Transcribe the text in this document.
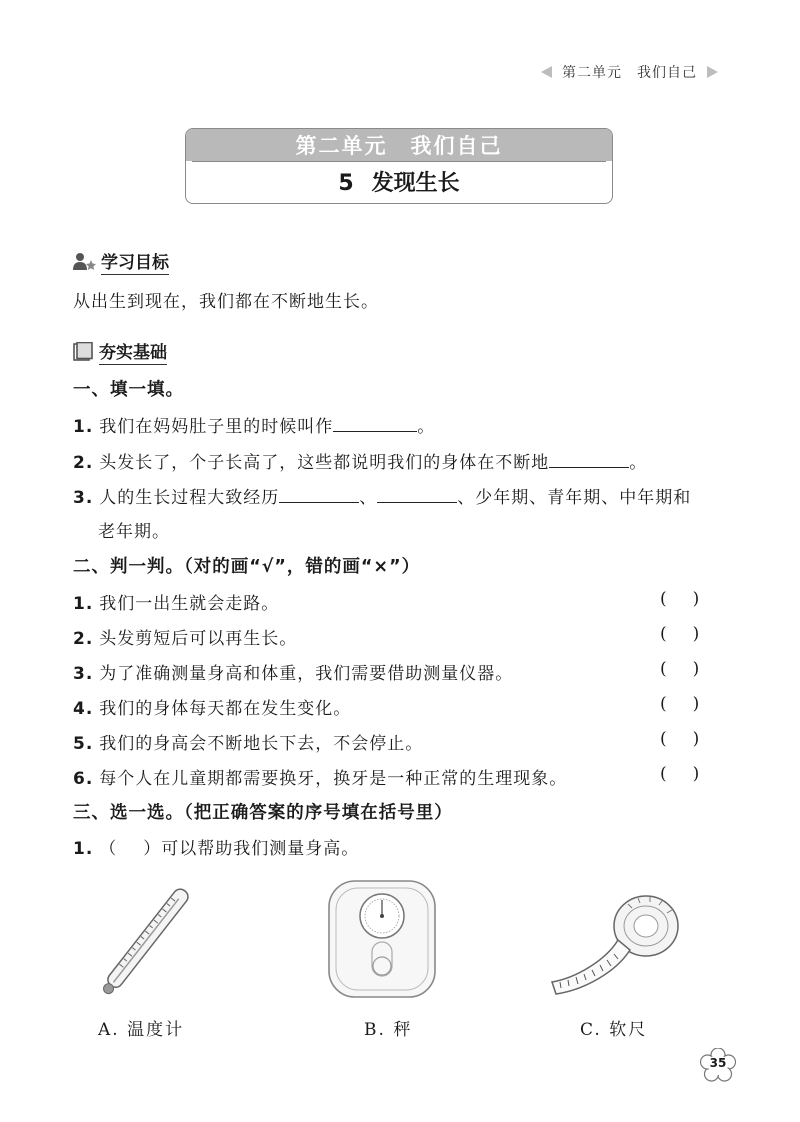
第二单元　我们自己
第二单元　我们自己
5 发现生长
学习目标
从出生到现在，我们都在不断地生长。
夯实基础
一、填一填。
1. 我们在妈妈肚子里的时候叫作	。
2. 头发长了，个子长高了，这些都说明我们的身体在不断地	。
3. 人的生长过程大致经历	、	、少年期、青年期、中年期和
老年期。
二、判一判。（对的画“√”，错的画“×”）
1. 我们一出生就会走路。	()
2. 头发剪短后可以再生长。	()
3. 为了准确测量身高和体重，我们需要借助测量仪器。	()
4. 我们的身体每天都在发生变化。	()
5. 我们的身高会不断地长下去，不会停止。	()
6. 每个人在儿童期都需要换牙，换牙是一种正常的生理现象。	()
三、选一选。（把正确答案的序号填在括号里）
1. （ ）可以帮助我们测量身高。
A. 温度计	B. 秤	C. 软尺
35
